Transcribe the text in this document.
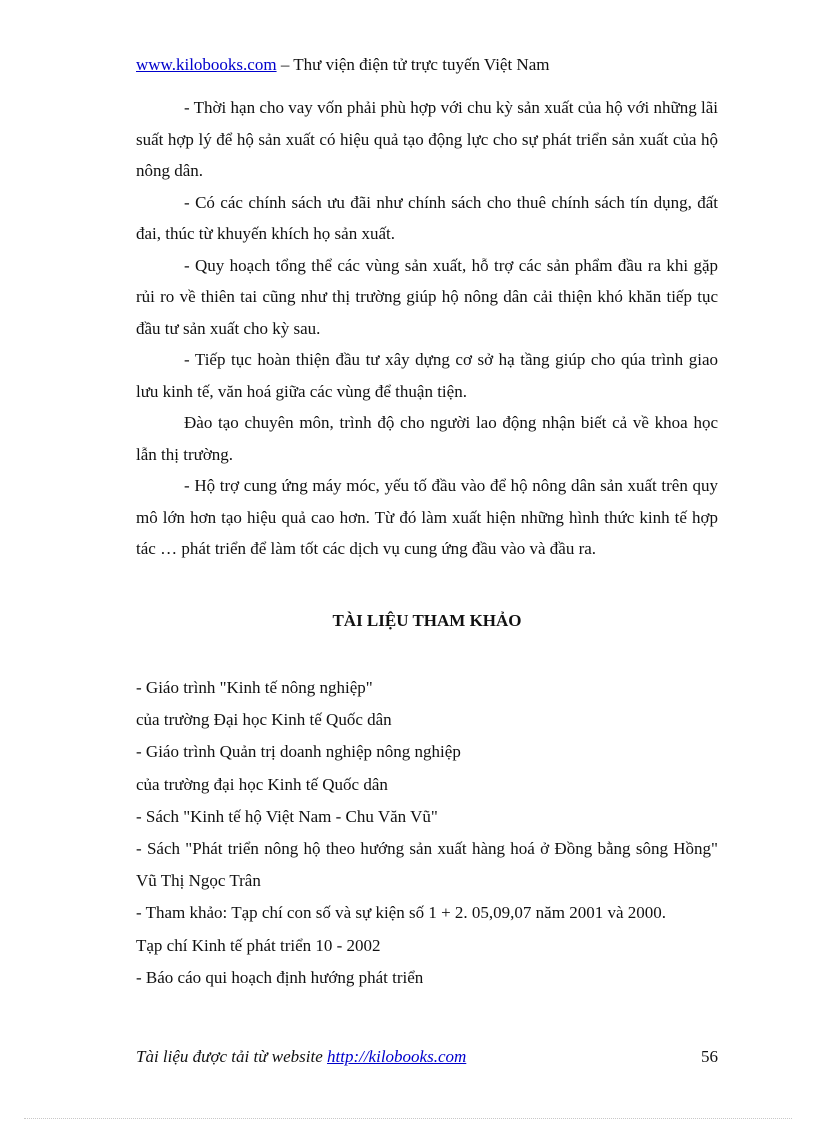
www.kilobooks.com – Thư viện điện tử trực tuyến Việt Nam

- Thời hạn cho vay vốn phải phù hợp với chu kỳ sản xuất của hộ với những lãi suất hợp lý để hộ sản xuất có hiệu quả tạo động lực cho sự phát triển sản xuất của hộ nông dân.

- Có các chính sách ưu đãi như chính sách cho thuê chính sách tín dụng, đất đai, thúc từ khuyến khích họ sản xuất.

- Quy hoạch tổng thể các vùng sản xuất, hỗ trợ các sản phẩm đầu ra khi gặp rủi ro về thiên tai cũng như thị trường giúp hộ nông dân cải thiện khó khăn tiếp tục đầu tư sản xuất cho kỳ sau.

- Tiếp tục hoàn thiện đầu tư xây dựng cơ sở hạ tầng giúp cho qúa trình giao lưu kinh tế, văn hoá giữa các vùng để thuận tiện.

Đào tạo chuyên môn, trình độ cho người lao động nhận biết cả về khoa học lẫn thị trường.

- Hộ trợ cung ứng máy móc, yếu tố đầu vào để hộ nông dân sản xuất trên quy mô lớn hơn tạo hiệu quả cao hơn. Từ đó làm xuất hiện những hình thức kinh tế hợp tác … phát triển để làm tốt các dịch vụ cung ứng đầu vào và đầu ra.

TÀI LIỆU THAM KHẢO

- Giáo trình "Kinh tế nông nghiệp"

của trường Đại học Kinh tế Quốc dân

- Giáo trình Quản trị doanh nghiệp nông nghiệp

của trường đại học Kinh tế Quốc dân

- Sách "Kinh tế hộ Việt Nam - Chu Văn Vũ"

- Sách "Phát triển nông hộ theo hướng sản xuất hàng hoá ở Đồng bằng sông Hồng" Vũ Thị Ngọc Trân

- Tham khảo: Tạp chí con số và sự kiện số 1 + 2. 05,09,07 năm 2001 và 2000.

Tạp chí Kinh tế phát triển 10 - 2002

- Báo cáo qui hoạch định hướng phát triển

Tài liệu được tải từ website http://kilobooks.com	56
